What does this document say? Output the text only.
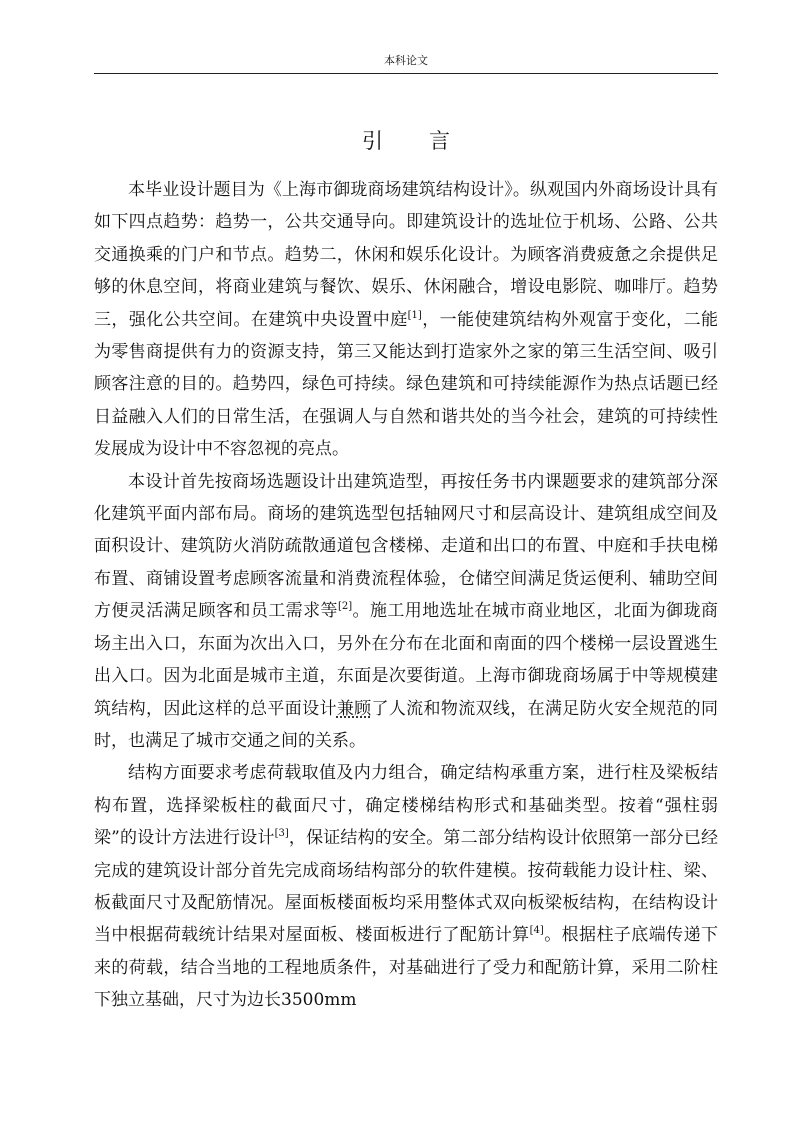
本科论文
引言

本毕业设计题目为《上海市御珑商场建筑结构设计》。纵观国内外商场设计具有如下四点趋势：趋势一，公共交通导向。即建筑设计的选址位于机场、公路、公共交通换乘的门户和节点。趋势二，休闲和娱乐化设计。为顾客消费疲惫之余提供足够的休息空间，将商业建筑与餐饮、娱乐、休闲融合，增设电影院、咖啡厅。趋势三，强化公共空间。在建筑中央设置中庭[1]，一能使建筑结构外观富于变化，二能为零售商提供有力的资源支持，第三又能达到打造家外之家的第三生活空间、吸引顾客注意的目的。趋势四，绿色可持续。绿色建筑和可持续能源作为热点话题已经日益融入人们的日常生活，在强调人与自然和谐共处的当今社会，建筑的可持续性发展成为设计中不容忽视的亮点。

本设计首先按商场选题设计出建筑造型，再按任务书内课题要求的建筑部分深化建筑平面内部布局。商场的建筑选型包括轴网尺寸和层高设计、建筑组成空间及面积设计、建筑防火消防疏散通道包含楼梯、走道和出口的布置、中庭和手扶电梯布置、商铺设置考虑顾客流量和消费流程体验，仓储空间满足货运便利、辅助空间方便灵活满足顾客和员工需求等[2]。施工用地选址在城市商业地区，北面为御珑商场主出入口，东面为次出入口，另外在分布在北面和南面的四个楼梯一层设置逃生出入口。因为北面是城市主道，东面是次要街道。上海市御珑商场属于中等规模建筑结构，因此这样的总平面设计兼顾了人流和物流双线，在满足防火安全规范的同时，也满足了城市交通之间的关系。

结构方面要求考虑荷载取值及内力组合，确定结构承重方案，进行柱及梁板结构布置，选择梁板柱的截面尺寸，确定楼梯结构形式和基础类型。按着“强柱弱梁”的设计方法进行设计[3]，保证结构的安全。第二部分结构设计依照第一部分已经完成的建筑设计部分首先完成商场结构部分的软件建模。按荷载能力设计柱、梁、板截面尺寸及配筋情况。屋面板楼面板均采用整体式双向板梁板结构，在结构设计当中根据荷载统计结果对屋面板、楼面板进行了配筋计算[4]。根据柱子底端传递下来的荷载，结合当地的工程地质条件，对基础进行了受力和配筋计算，采用二阶柱下独立基础，尺寸为边长3500mm
